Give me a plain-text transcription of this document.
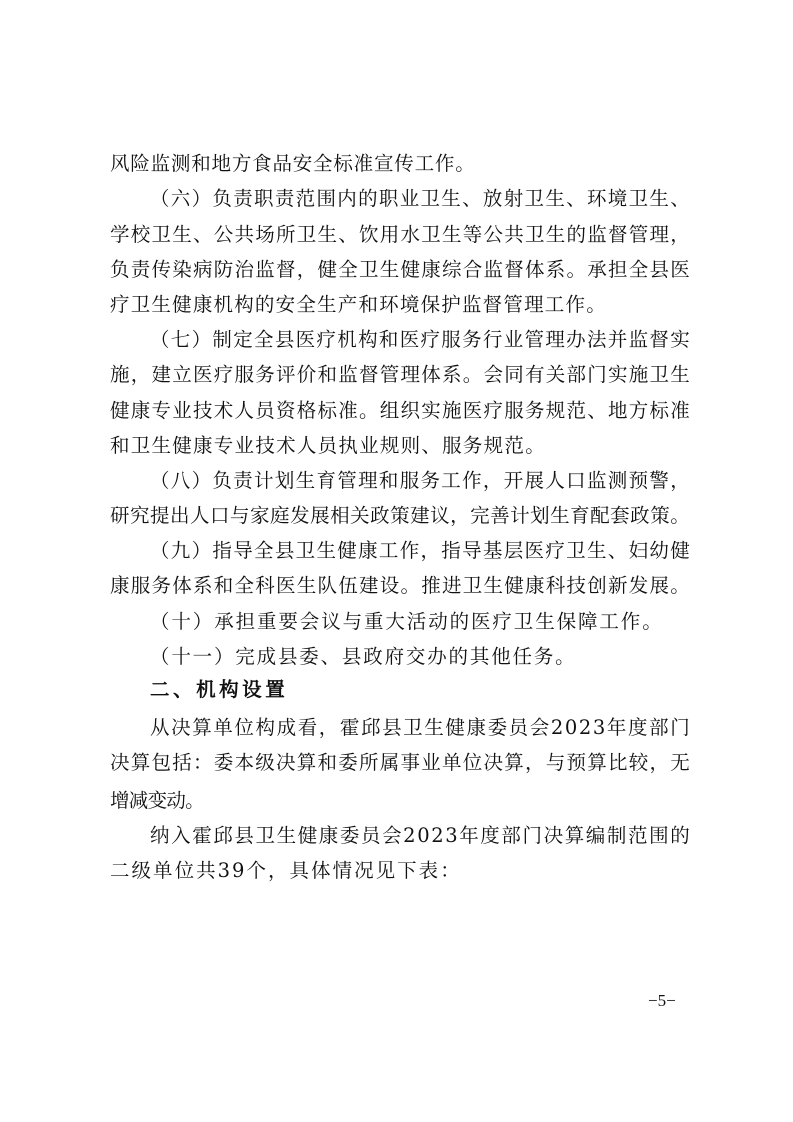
风险监测和地方食品安全标准宣传工作。
（六）负责职责范围内的职业卫生、放射卫生、环境卫生、
学校卫生、公共场所卫生、饮用水卫生等公共卫生的监督管理，
负责传染病防治监督，健全卫生健康综合监督体系。承担全县医
疗卫生健康机构的安全生产和环境保护监督管理工作。
（七）制定全县医疗机构和医疗服务行业管理办法并监督实
施，建立医疗服务评价和监督管理体系。会同有关部门实施卫生
健康专业技术人员资格标准。组织实施医疗服务规范、地方标准
和卫生健康专业技术人员执业规则、服务规范。
（八）负责计划生育管理和服务工作，开展人口监测预警，
研究提出人口与家庭发展相关政策建议，完善计划生育配套政策。
（九）指导全县卫生健康工作，指导基层医疗卫生、妇幼健
康服务体系和全科医生队伍建设。推进卫生健康科技创新发展。
（十）承担重要会议与重大活动的医疗卫生保障工作。
（十一）完成县委、县政府交办的其他任务。
二、机构设置
从决算单位构成看，霍邱县卫生健康委员会2023年度部门
决算包括：委本级决算和委所属事业单位决算，与预算比较，无
增减变动。
纳入霍邱县卫生健康委员会2023年度部门决算编制范围的
二级单位共39个，具体情况见下表：
−5−
